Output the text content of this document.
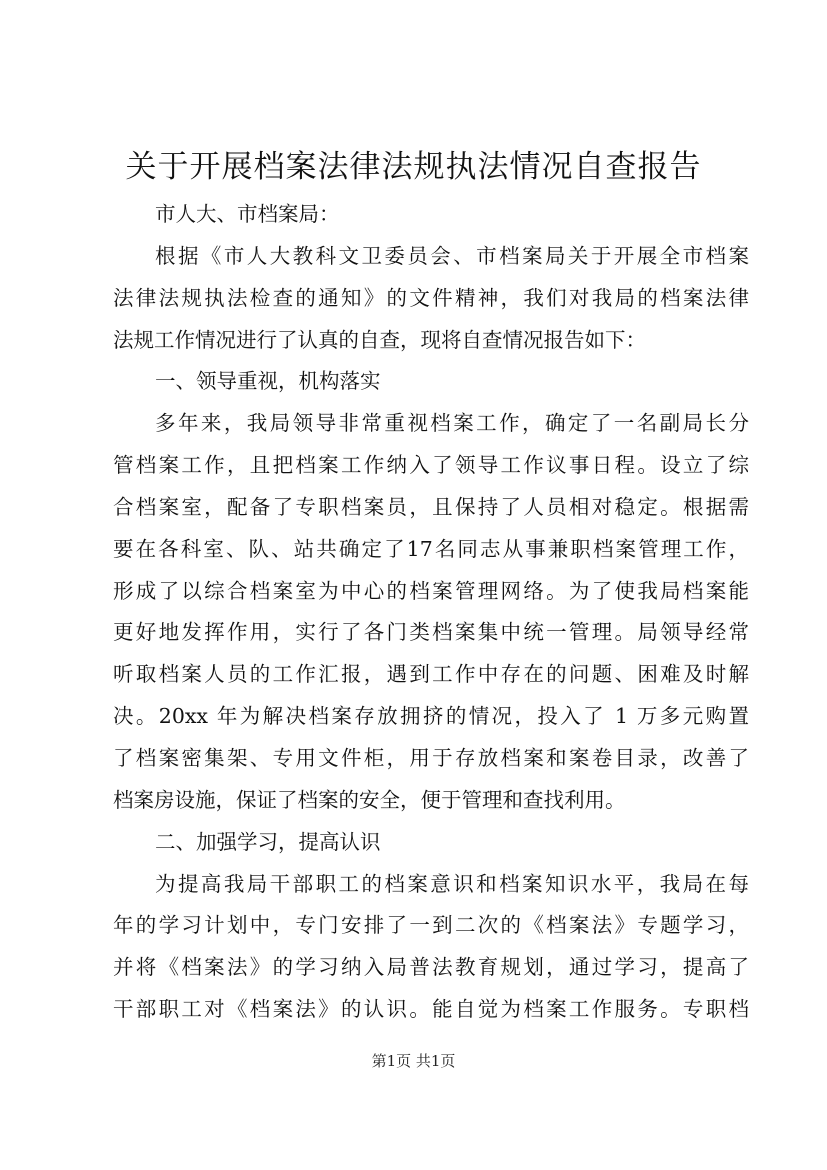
关于开展档案法律法规执法情况自查报告
市人大、市档案局：
根据《市人大教科文卫委员会、市档案局关于开展全市档案
法律法规执法检查的通知》的文件精神，我们对我局的档案法律
法规工作情况进行了认真的自查，现将自查情况报告如下：
一、领导重视，机构落实
多年来，我局领导非常重视档案工作，确定了一名副局长分
管档案工作，且把档案工作纳入了领导工作议事日程。设立了综
合档案室，配备了专职档案员，且保持了人员相对稳定。根据需
要在各科室、队、站共确定了17名同志从事兼职档案管理工作，
形成了以综合档案室为中心的档案管理网络。为了使我局档案能
更好地发挥作用，实行了各门类档案集中统一管理。局领导经常
听取档案人员的工作汇报，遇到工作中存在的问题、困难及时解
决。20xx 年为解决档案存放拥挤的情况，投入了 1 万多元购置
了档案密集架、专用文件柜，用于存放档案和案卷目录，改善了
档案房设施，保证了档案的安全，便于管理和查找利用。
二、加强学习，提高认识
为提高我局干部职工的档案意识和档案知识水平，我局在每
年的学习计划中，专门安排了一到二次的《档案法》专题学习，
并将《档案法》的学习纳入局普法教育规划，通过学习，提高了
干部职工对《档案法》的认识。能自觉为档案工作服务。专职档
第1页 共1页
